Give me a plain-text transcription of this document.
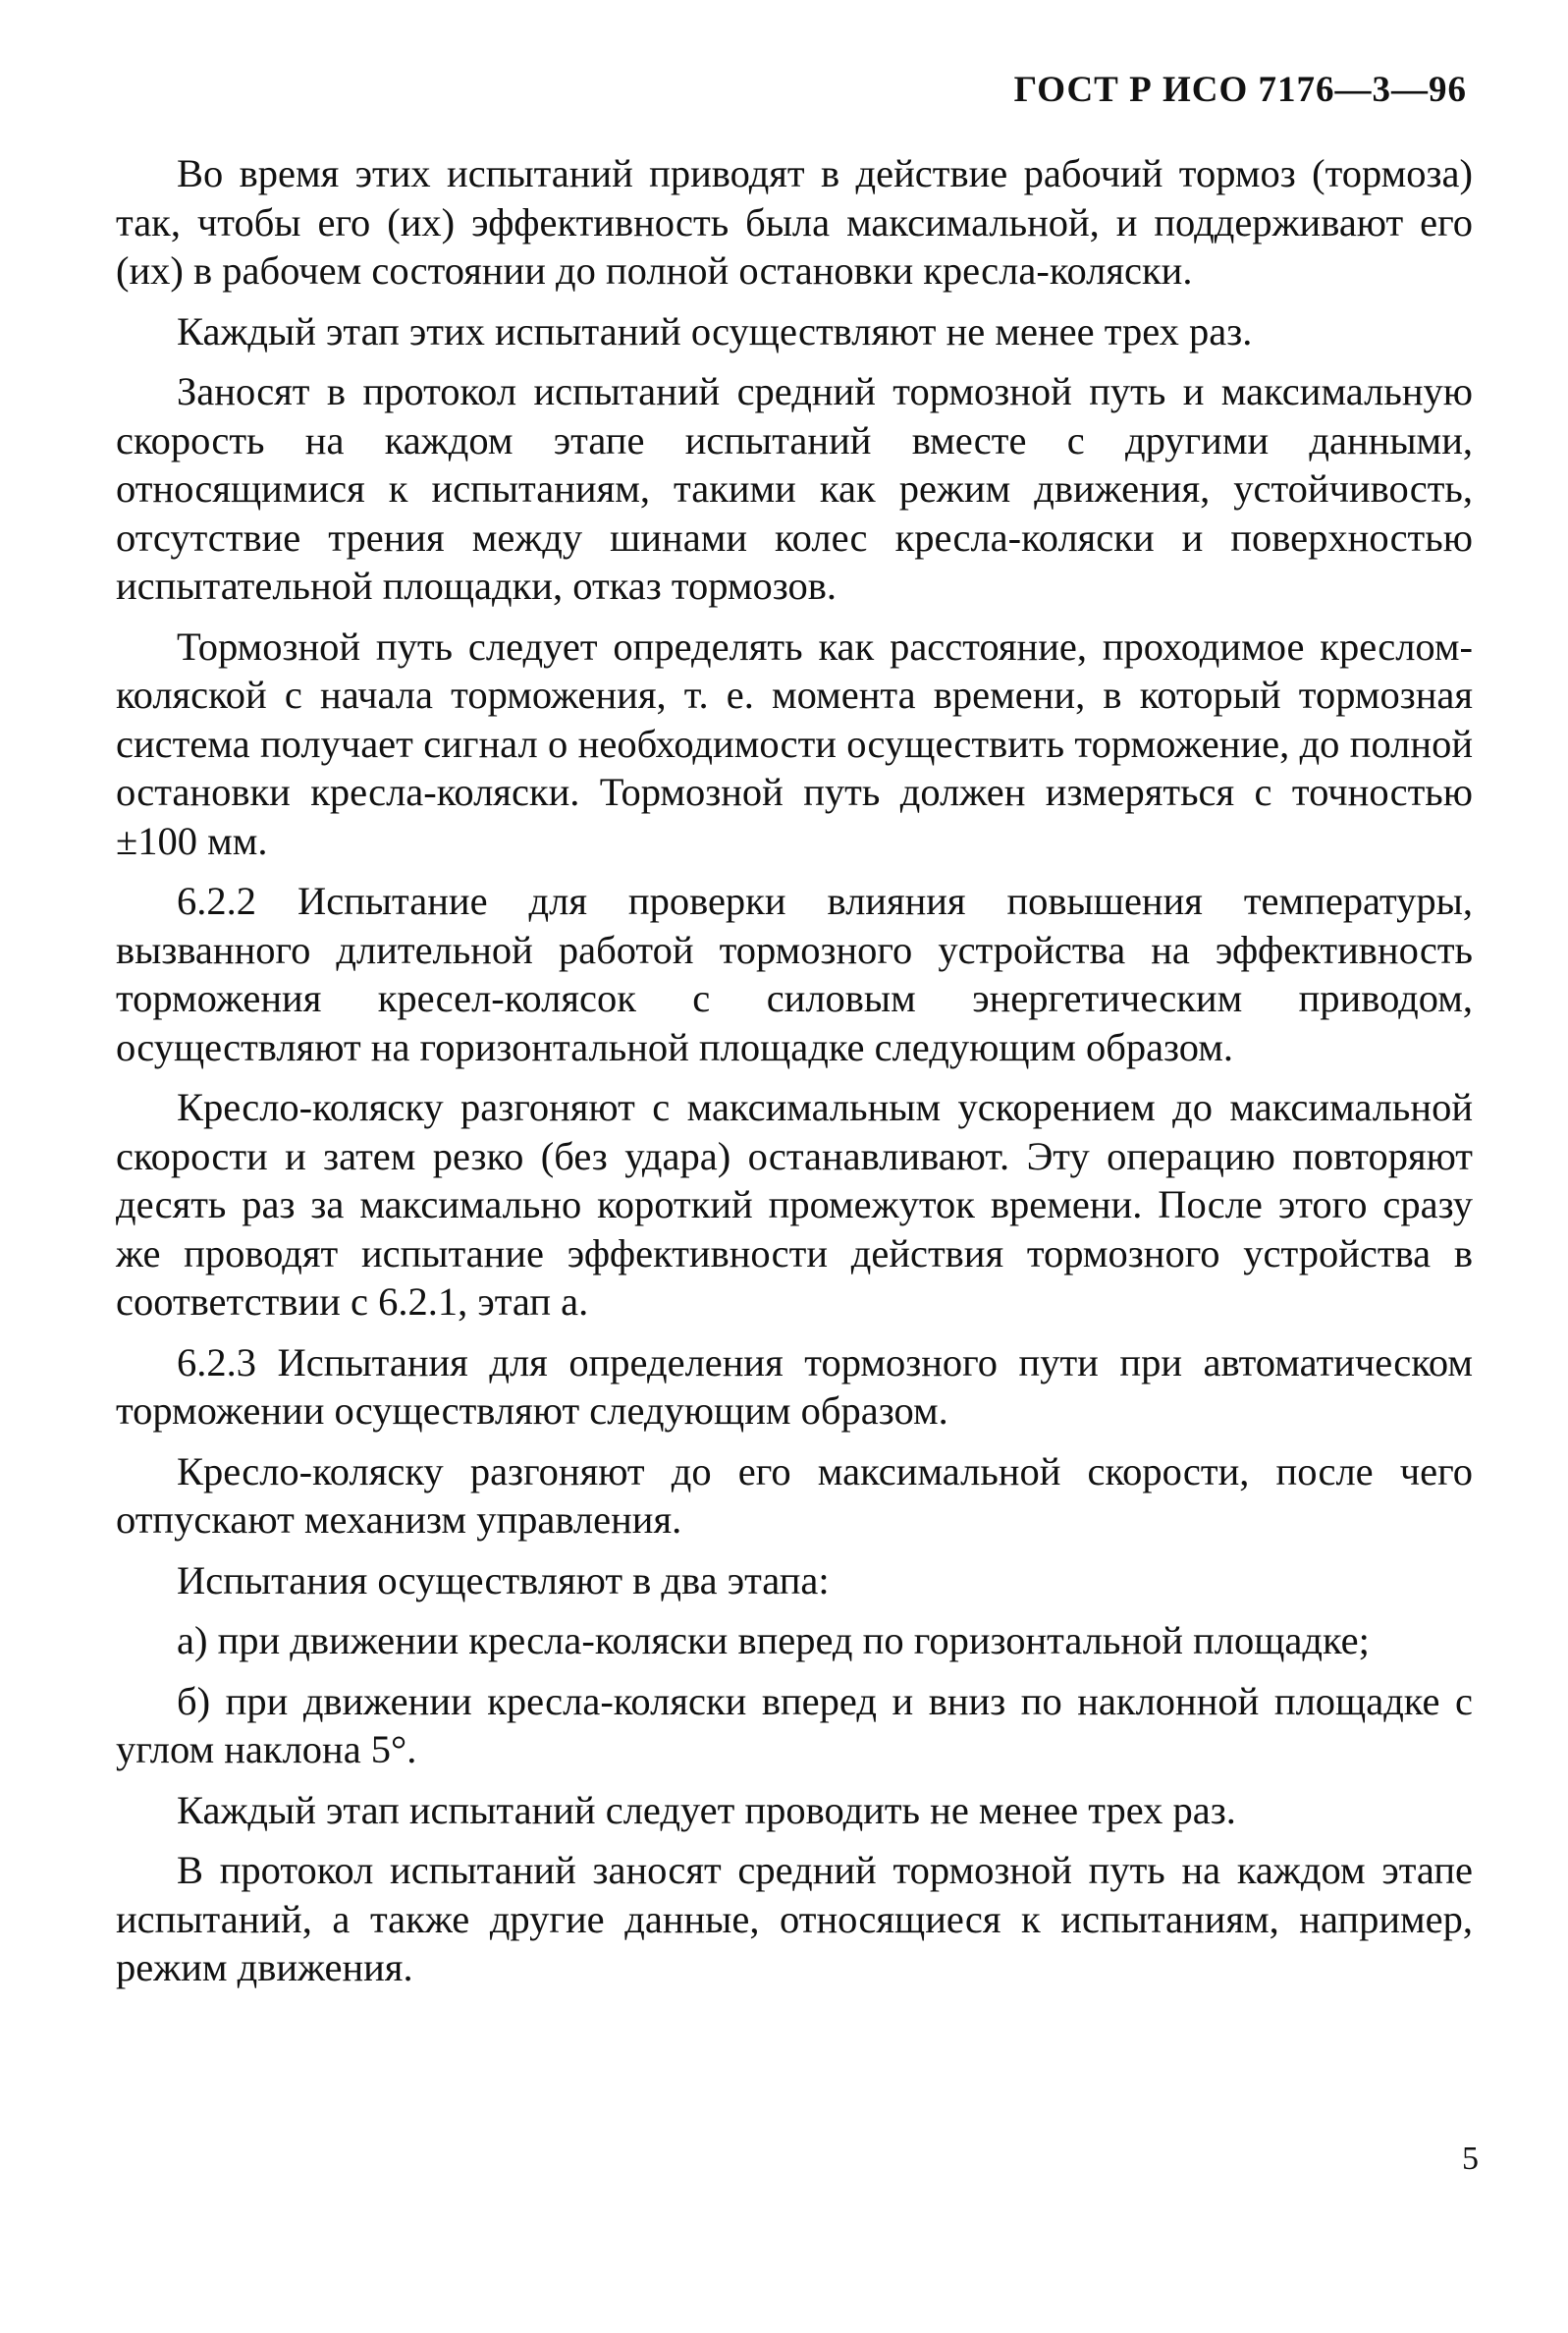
ГОСТ Р ИСО 7176—3—96

Во время этих испытаний приводят в действие рабочий тормоз (тормоза) так, чтобы его (их) эффективность была максимальной, и поддерживают его (их) в рабочем состоянии до полной остановки кресла-коляски.

Каждый этап этих испытаний осуществляют не менее трех раз.

Заносят в протокол испытаний средний тормозной путь и максимальную скорость на каждом этапе испытаний вместе с другими данными, относящимися к испытаниям, такими как режим движения, устойчивость, отсутствие трения между шинами колес кресла-коляски и поверхностью испытательной площадки, отказ тормозов.

Тормозной путь следует определять как расстояние, проходимое креслом-коляской с начала торможения, т. е. момента времени, в который тормозная система получает сигнал о необходимости осуществить торможение, до полной остановки кресла-коляски. Тормозной путь должен измеряться с точностью ±100 мм.

6.2.2 Испытание для проверки влияния повышения температуры, вызванного длительной работой тормозного устройства на эффективность торможения кресел-колясок с силовым энергетическим приводом, осуществляют на горизонтальной площадке следующим образом.

Кресло-коляску разгоняют с максимальным ускорением до максимальной скорости и затем резко (без удара) останавливают. Эту операцию повторяют десять раз за максимально короткий промежуток времени. После этого сразу же проводят испытание эффективности действия тормозного устройства в соответствии с 6.2.1, этап а.

6.2.3 Испытания для определения тормозного пути при автоматическом торможении осуществляют следующим образом.

Кресло-коляску разгоняют до его максимальной скорости, после чего отпускают механизм управления.

Испытания осуществляют в два этапа:

а) при движении кресла-коляски вперед по горизонтальной площадке;

б) при движении кресла-коляски вперед и вниз по наклонной площадке с углом наклона 5°.

Каждый этап испытаний следует проводить не менее трех раз.

В протокол испытаний заносят средний тормозной путь на каждом этапе испытаний, а также другие данные, относящиеся к испытаниям, например, режим движения.

5
